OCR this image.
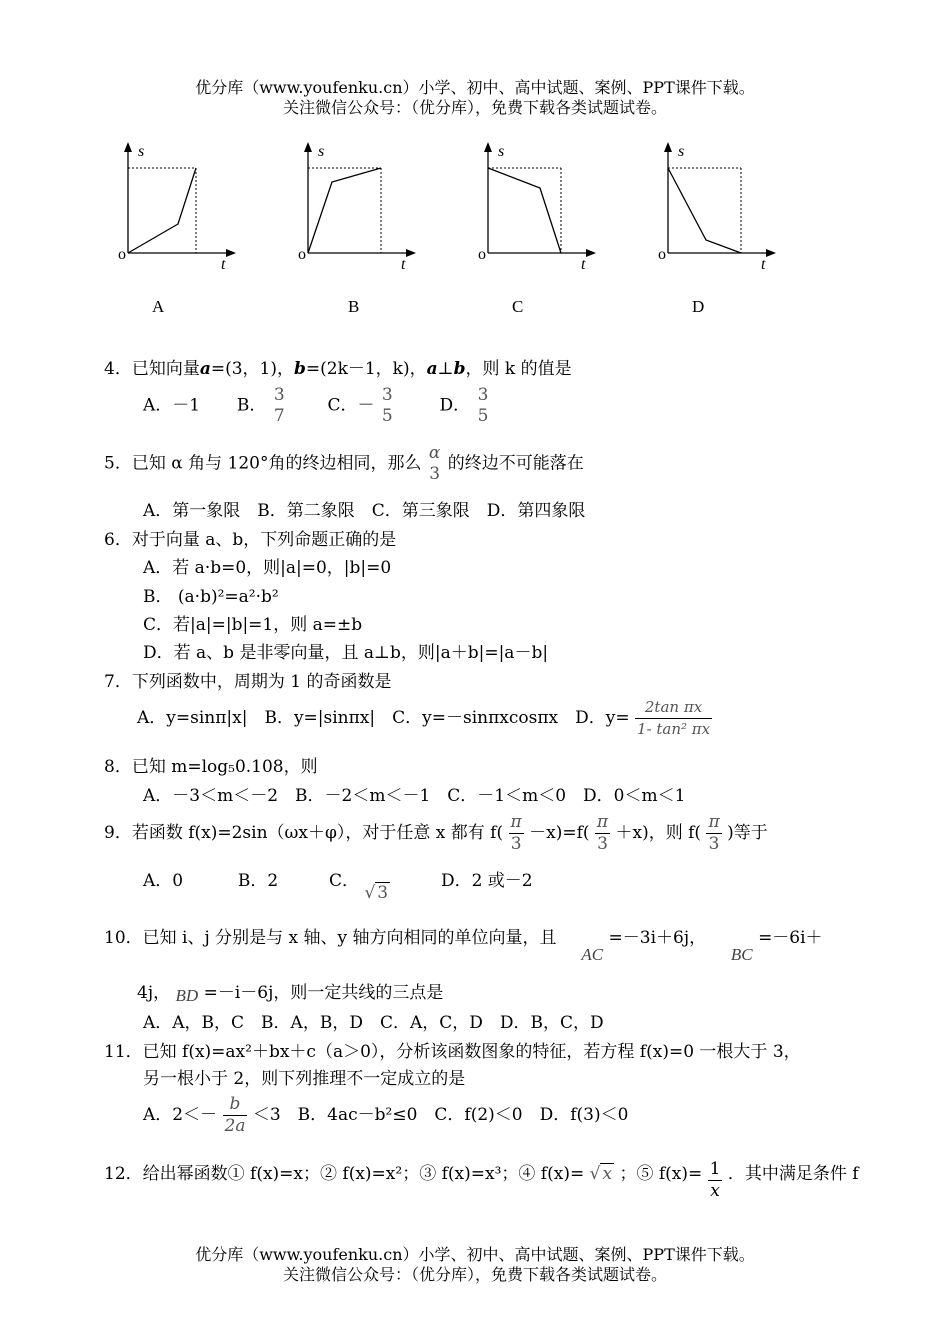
优分库（www.youfenku.cn）小学、初中、高中试题、案例、PPT课件下载。
关注微信公众号：（优分库），免费下载各类试题试卷。
s
t
o
s
t
o
s
t
o
s
t
o
A	B	C	D
4．已知向量a=(3，1)，b=(2k－1，k)，a⊥b，则 k 的值是
A．－1 B．
3
7
C．－
3
5
D．
3
5
5．已知 α 角与 120°角的终边相同，那么
α
3
的终边不可能落在
A．第一象限　B．第二象限　C．第三象限　D．第四象限
6．对于向量 a、b，下列命题正确的是
A．若 a·b=0，则|a|=0，|b|=0
B． (a·b)²=a²·b²
C．若|a|=|b|=1，则 a=±b
D．若 a、b 是非零向量，且 a⊥b，则|a＋b|=|a－b|
7．下列函数中，周期为 1 的奇函数是
A．y=sinπ|x|　B．y=|sinπx|　C．y=－sinπxcosπx　D．$y= \frac{\text{2tan πx}}{\text{1- tan² πx}}$
8．已知 m=log₅0.108，则
A．－3＜m＜－2　B．－2＜m＜－1　C．－1＜m＜0　D．0＜m＜1
9．若函数 f(x)=2sin（ωx＋φ），对于任意 x 都有 $f( \frac{\pi}{3} -x)=f( \frac{\pi}{3} +x)$，则 $f( \frac{\pi}{3}$ )等于
A．0	B．2	C． √ 3  D．2 或－2
10．已知 i、j 分别是与 x 轴、y 轴方向相同的单位向量，且  AC =－3i＋6j，  BC =－6i＋
4j， BD =－i－6j，则一定共线的三点是
A．A，B，C　B．A，B，D　C．A，C，D　D．B，C，D
11．已知 f(x)=ax²＋bx＋c（a＞0），分析该函数图象的特征，若方程 f(x)=0 一根大于 3，
另一根小于 2，则下列推理不一定成立的是
A．$2<- \frac{b}{2a} <3$　B．4ac－b²≤0　C．f(2)＜0　D．f(3)＜0
12．给出幂函数① f(x)=x；② f(x)=x²；③ f(x)=x³；④ f(x)= √ x ；⑤ $f(x)= \frac{1}{x}$ ．其中满足条件 f
优分库（www.youfenku.cn）小学、初中、高中试题、案例、PPT课件下载。
关注微信公众号：（优分库），免费下载各类试题试卷。
